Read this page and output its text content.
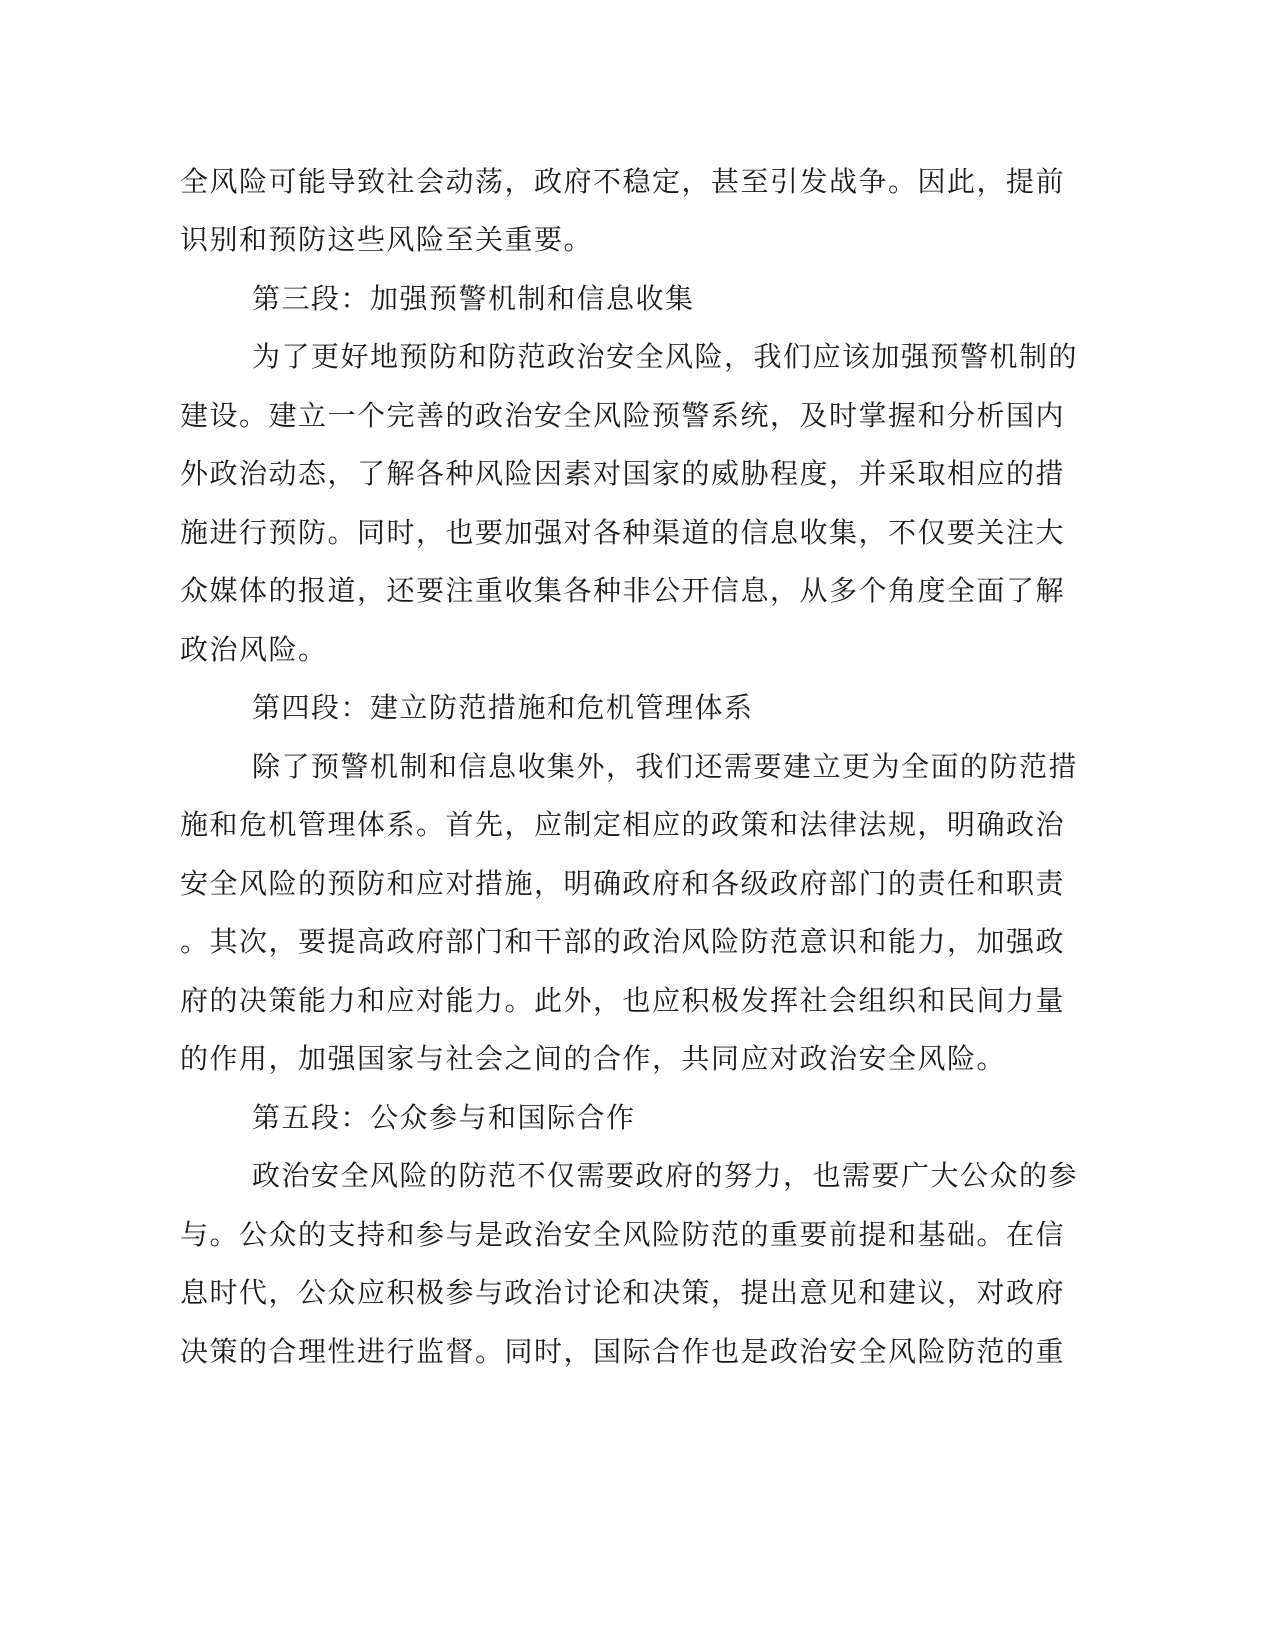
全风险可能导致社会动荡，政府不稳定，甚至引发战争。因此，提前
识别和预防这些风险至关重要。
第三段：加强预警机制和信息收集
为了更好地预防和防范政治安全风险，我们应该加强预警机制的
建设。建立一个完善的政治安全风险预警系统，及时掌握和分析国内
外政治动态，了解各种风险因素对国家的威胁程度，并采取相应的措
施进行预防。同时，也要加强对各种渠道的信息收集，不仅要关注大
众媒体的报道，还要注重收集各种非公开信息，从多个角度全面了解
政治风险。
第四段：建立防范措施和危机管理体系
除了预警机制和信息收集外，我们还需要建立更为全面的防范措
施和危机管理体系。首先，应制定相应的政策和法律法规，明确政治
安全风险的预防和应对措施，明确政府和各级政府部门的责任和职责
。其次，要提高政府部门和干部的政治风险防范意识和能力，加强政
府的决策能力和应对能力。此外，也应积极发挥社会组织和民间力量
的作用，加强国家与社会之间的合作，共同应对政治安全风险。
第五段：公众参与和国际合作
政治安全风险的防范不仅需要政府的努力，也需要广大公众的参
与。公众的支持和参与是政治安全风险防范的重要前提和基础。在信
息时代，公众应积极参与政治讨论和决策，提出意见和建议，对政府
决策的合理性进行监督。同时，国际合作也是政治安全风险防范的重
